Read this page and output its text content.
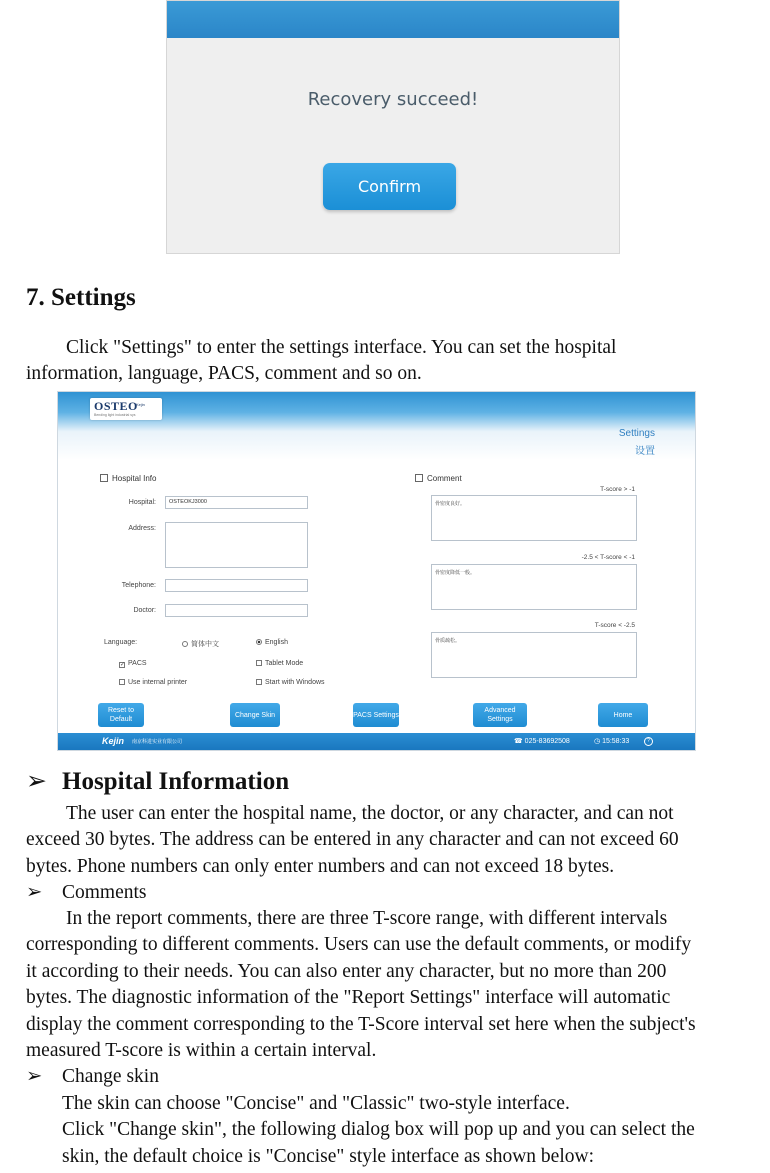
Recovery succeed!
Confirm
7. Settings
Click "Settings" to enter the settings interface. You can set the hospital
information, language, PACS, comment and so on.
OSTEO
Kejin
Bending light industrial sys
Settings
设置
Hospital Info
Hospital:	OSTEOKJ3000
Address:
Telephone:
Doctor:
Language:	简体中文	English
✓ PACS	Tablet Mode
Use internal printer	Start with Windows
Comment
T-score > -1
骨密度良好。
-2.5 < T-score < -1
骨密度降低一般。
T-score < -2.5
骨质疏松。
Reset to Default
Change Skin	PACS Settings
Advanced Settings
Home
Kejin 南京科进实业有限公司	☎ 025-83692508	◷ 15:58:33	?
➢ Hospital Information
The user can enter the hospital name, the doctor, or any character, and can not
exceed 30 bytes. The address can be entered in any character and can not exceed 60
bytes. Phone numbers can only enter numbers and can not exceed 18 bytes.
➢	Comments
In the report comments, there are three T-score range, with different intervals
corresponding to different comments. Users can use the default comments, or modify
it according to their needs. You can also enter any character, but no more than 200
bytes. The diagnostic information of the "Report Settings" interface will automatic
display the comment corresponding to the T-Score interval set here when the subject's
measured T-score is within a certain interval.
➢	Change skin
The skin can choose "Concise" and "Classic" two-style interface.
Click "Change skin", the following dialog box will pop up and you can select the
skin, the default choice is "Concise" style interface as shown below:
